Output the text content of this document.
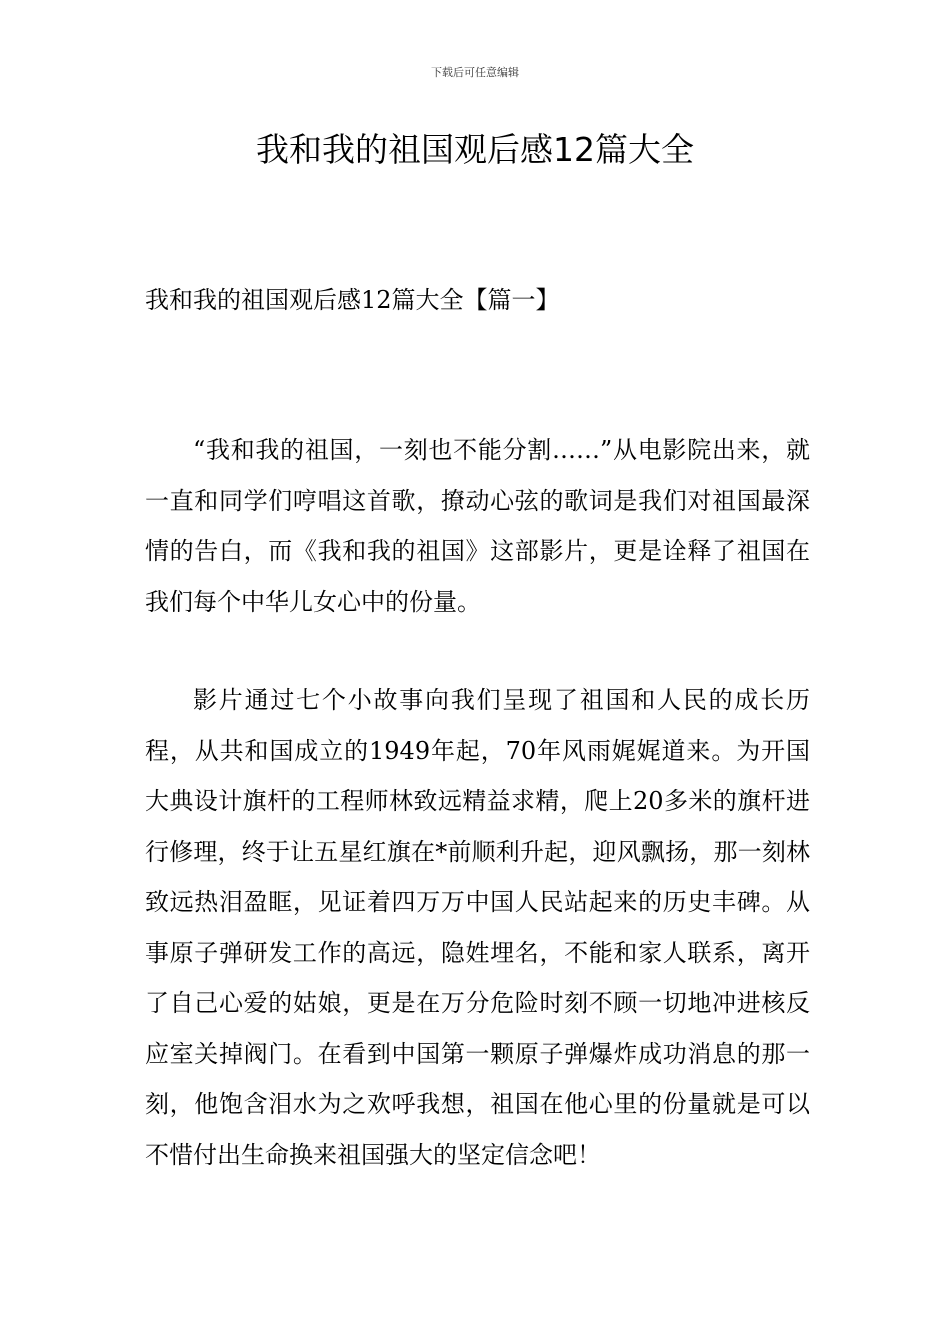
下载后可任意编辑
我和我的祖国观后感12篇大全
我和我的祖国观后感12篇大全【篇一】

“我和我的祖国，一刻也不能分割……”从电影院出来，就一直和同学们哼唱这首歌，撩动心弦的歌词是我们对祖国最深情的告白，而《我和我的祖国》这部影片，更是诠释了祖国在我们每个中华儿女心中的份量。

影片通过七个小故事向我们呈现了祖国和人民的成长历程，从共和国成立的1949年起，70年风雨娓娓道来。为开国大典设计旗杆的工程师林致远精益求精，爬上20多米的旗杆进行修理，终于让五星红旗在*前顺利升起，迎风飘扬，那一刻林致远热泪盈眶，见证着四万万中国人民站起来的历史丰碑。从事原子弹研发工作的高远，隐姓埋名，不能和家人联系，离开了自己心爱的姑娘，更是在万分危险时刻不顾一切地冲进核反应室关掉阀门。在看到中国第一颗原子弹爆炸成功消息的那一刻，他饱含泪水为之欢呼我想，祖国在他心里的份量就是可以不惜付出生命换来祖国强大的坚定信念吧！
